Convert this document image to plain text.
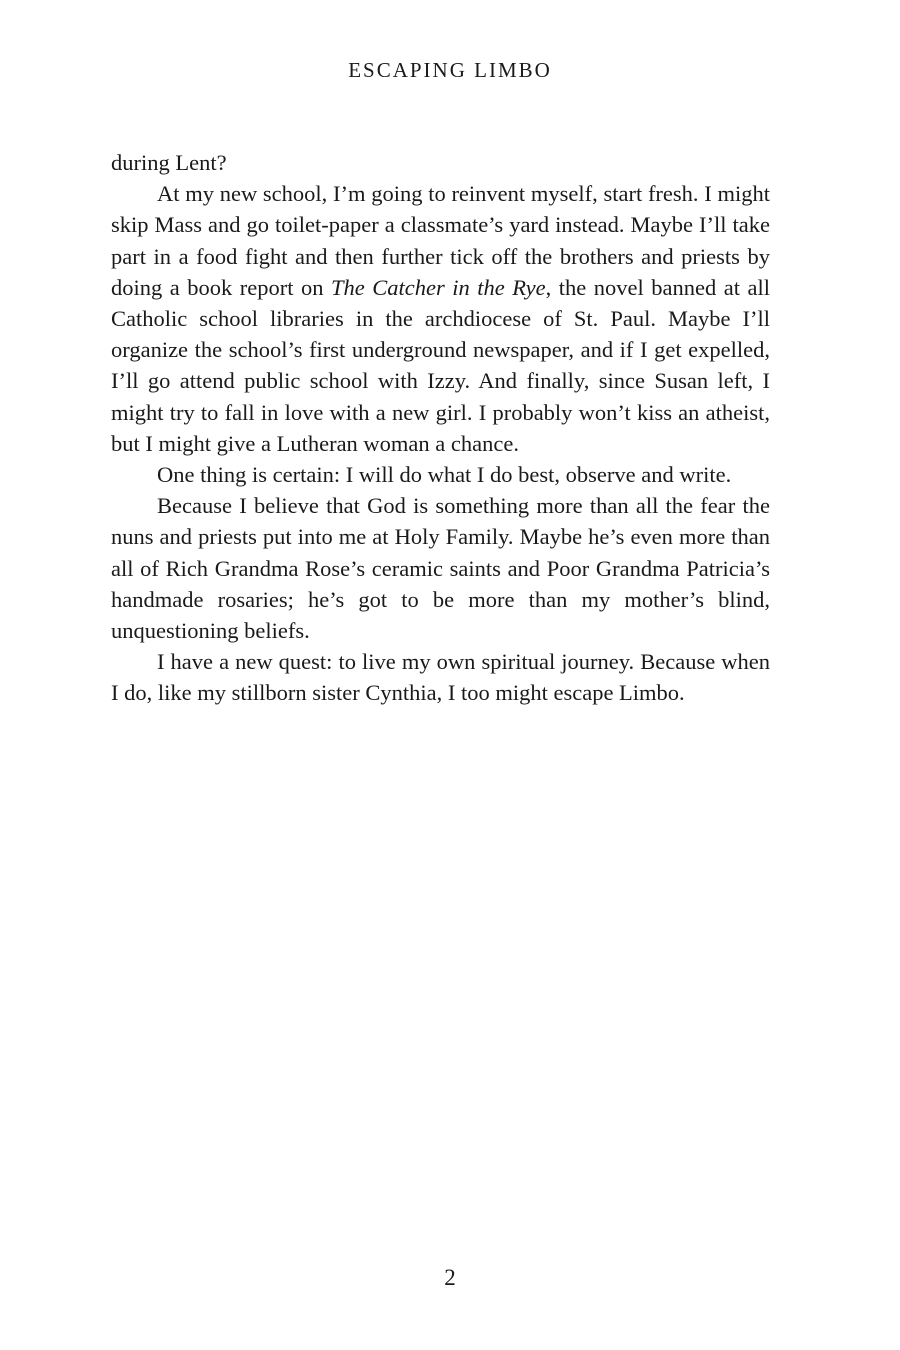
ESCAPING LIMBO

during Lent?

At my new school, I’m going to reinvent myself, start fresh. I might skip Mass and go toilet-paper a classmate’s yard instead. Maybe I’ll take part in a food fight and then further tick off the brothers and priests by doing a book report on The Catcher in the Rye, the novel banned at all Catholic school libraries in the archdiocese of St. Paul. Maybe I’ll organize the school’s first underground newspaper, and if I get expelled, I’ll go attend public school with Izzy. And finally, since Susan left, I might try to fall in love with a new girl. I probably won’t kiss an atheist, but I might give a Lutheran woman a chance.

One thing is certain: I will do what I do best, observe and write.

Because I believe that God is something more than all the fear the nuns and priests put into me at Holy Family. Maybe he’s even more than all of Rich Grandma Rose’s ceramic saints and Poor Grandma Patricia’s handmade rosaries; he’s got to be more than my mother’s blind, unquestioning beliefs.

I have a new quest: to live my own spiritual journey. Because when I do, like my stillborn sister Cynthia, I too might escape Limbo.

2
